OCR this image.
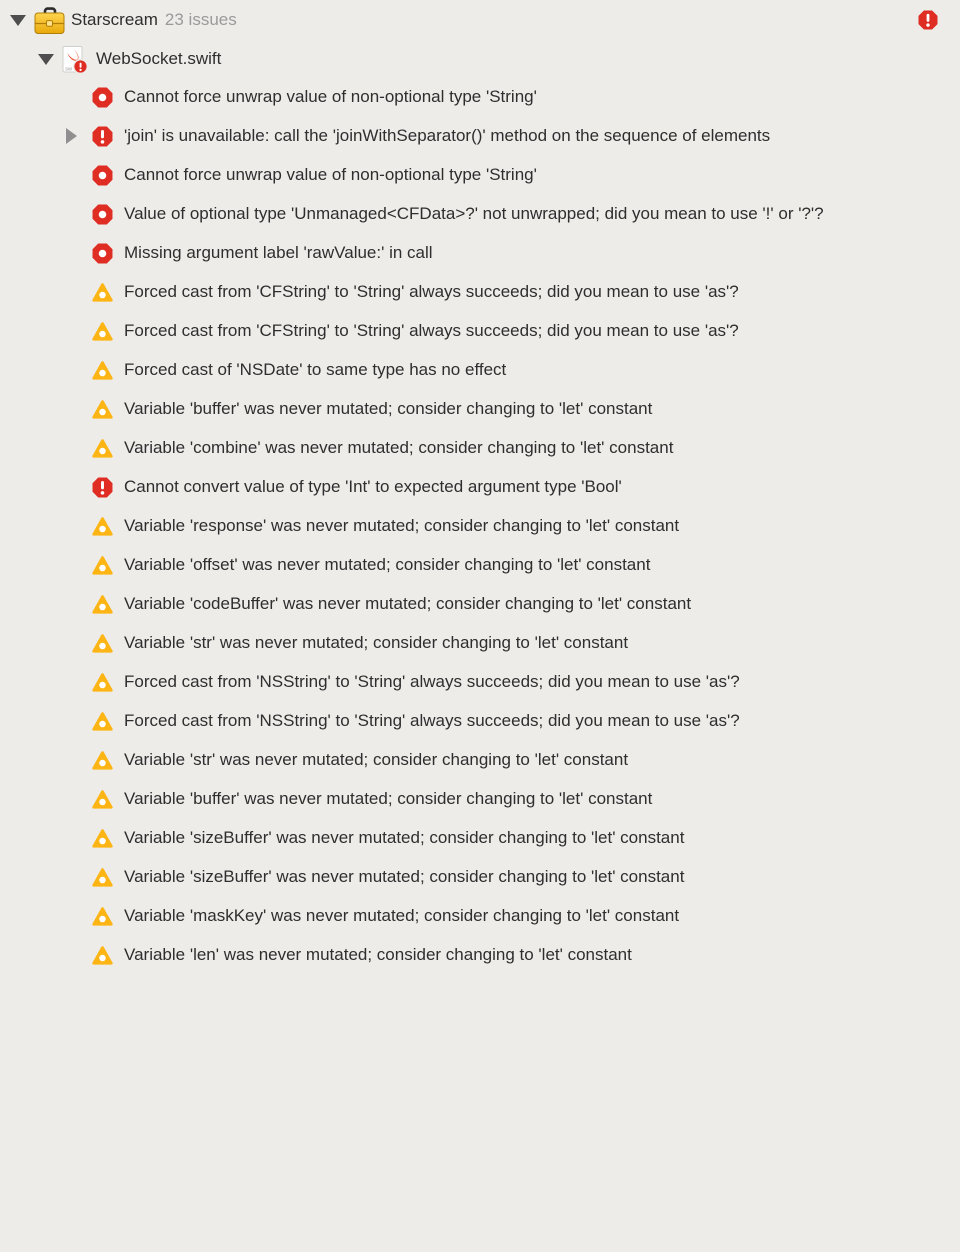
Starscream 23 issues
sw
WebSocket.swift
Cannot force unwrap value of non-optional type 'String'
'join' is unavailable: call the 'joinWithSeparator()' method on the sequence of elements
Cannot force unwrap value of non-optional type 'String'
Value of optional type 'Unmanaged<CFData>?' not unwrapped; did you mean to use '!' or '?'?
Missing argument label 'rawValue:' in call
Forced cast from 'CFString' to 'String' always succeeds; did you mean to use 'as'?
Forced cast from 'CFString' to 'String' always succeeds; did you mean to use 'as'?
Forced cast of 'NSDate' to same type has no effect
Variable 'buffer' was never mutated; consider changing to 'let' constant
Variable 'combine' was never mutated; consider changing to 'let' constant
Cannot convert value of type 'Int' to expected argument type 'Bool'
Variable 'response' was never mutated; consider changing to 'let' constant
Variable 'offset' was never mutated; consider changing to 'let' constant
Variable 'codeBuffer' was never mutated; consider changing to 'let' constant
Variable 'str' was never mutated; consider changing to 'let' constant
Forced cast from 'NSString' to 'String' always succeeds; did you mean to use 'as'?
Forced cast from 'NSString' to 'String' always succeeds; did you mean to use 'as'?
Variable 'str' was never mutated; consider changing to 'let' constant
Variable 'buffer' was never mutated; consider changing to 'let' constant
Variable 'sizeBuffer' was never mutated; consider changing to 'let' constant
Variable 'sizeBuffer' was never mutated; consider changing to 'let' constant
Variable 'maskKey' was never mutated; consider changing to 'let' constant
Variable 'len' was never mutated; consider changing to 'let' constant
